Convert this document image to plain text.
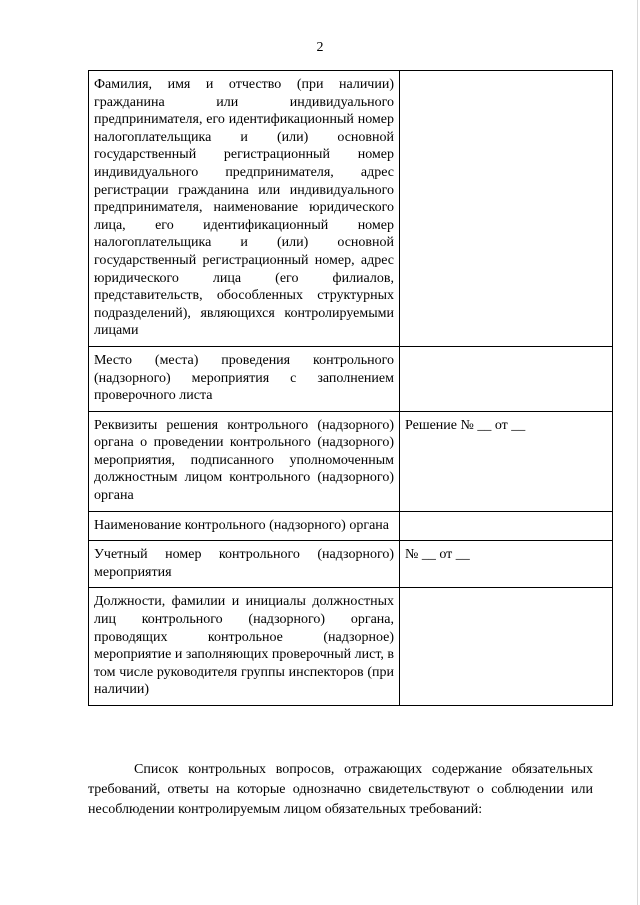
2
Фамилия, имя и отчество (при наличии) гражданина или индивидуального предпринимателя, его идентификационный номер налогоплательщика и (или) основной государственный регистрационный номер индивидуального предпринимателя, адрес регистрации гражданина или индивидуального предпринимателя, наименование юридического лица, его идентификационный номер налогоплательщика и (или) основной государственный регистрационный номер, адрес юридического лица (его филиалов, представительств, обособленных структурных подразделений), являющихся контролируемыми лицами	
Место (места) проведения контрольного (надзорного) мероприятия с заполнением проверочного листа	
Реквизиты решения контрольного (надзорного) органа о проведении контрольного (надзорного) мероприятия, подписанного уполномоченным должностным лицом контрольного (надзорного) органа	Решение № __ от __
Наименование контрольного (надзорного) органа	
Учетный номер контрольного (надзорного) мероприятия	№ __ от __
Должности, фамилии и инициалы должностных лиц контрольного (надзорного) органа, проводящих контрольное (надзорное) мероприятие и заполняющих проверочный лист, в том числе руководителя группы инспекторов (при наличии)	

Список контрольных вопросов, отражающих содержание обязательных требований, ответы на которые однозначно свидетельствуют о соблюдении или несоблюдении контролируемым лицом обязательных требований:
